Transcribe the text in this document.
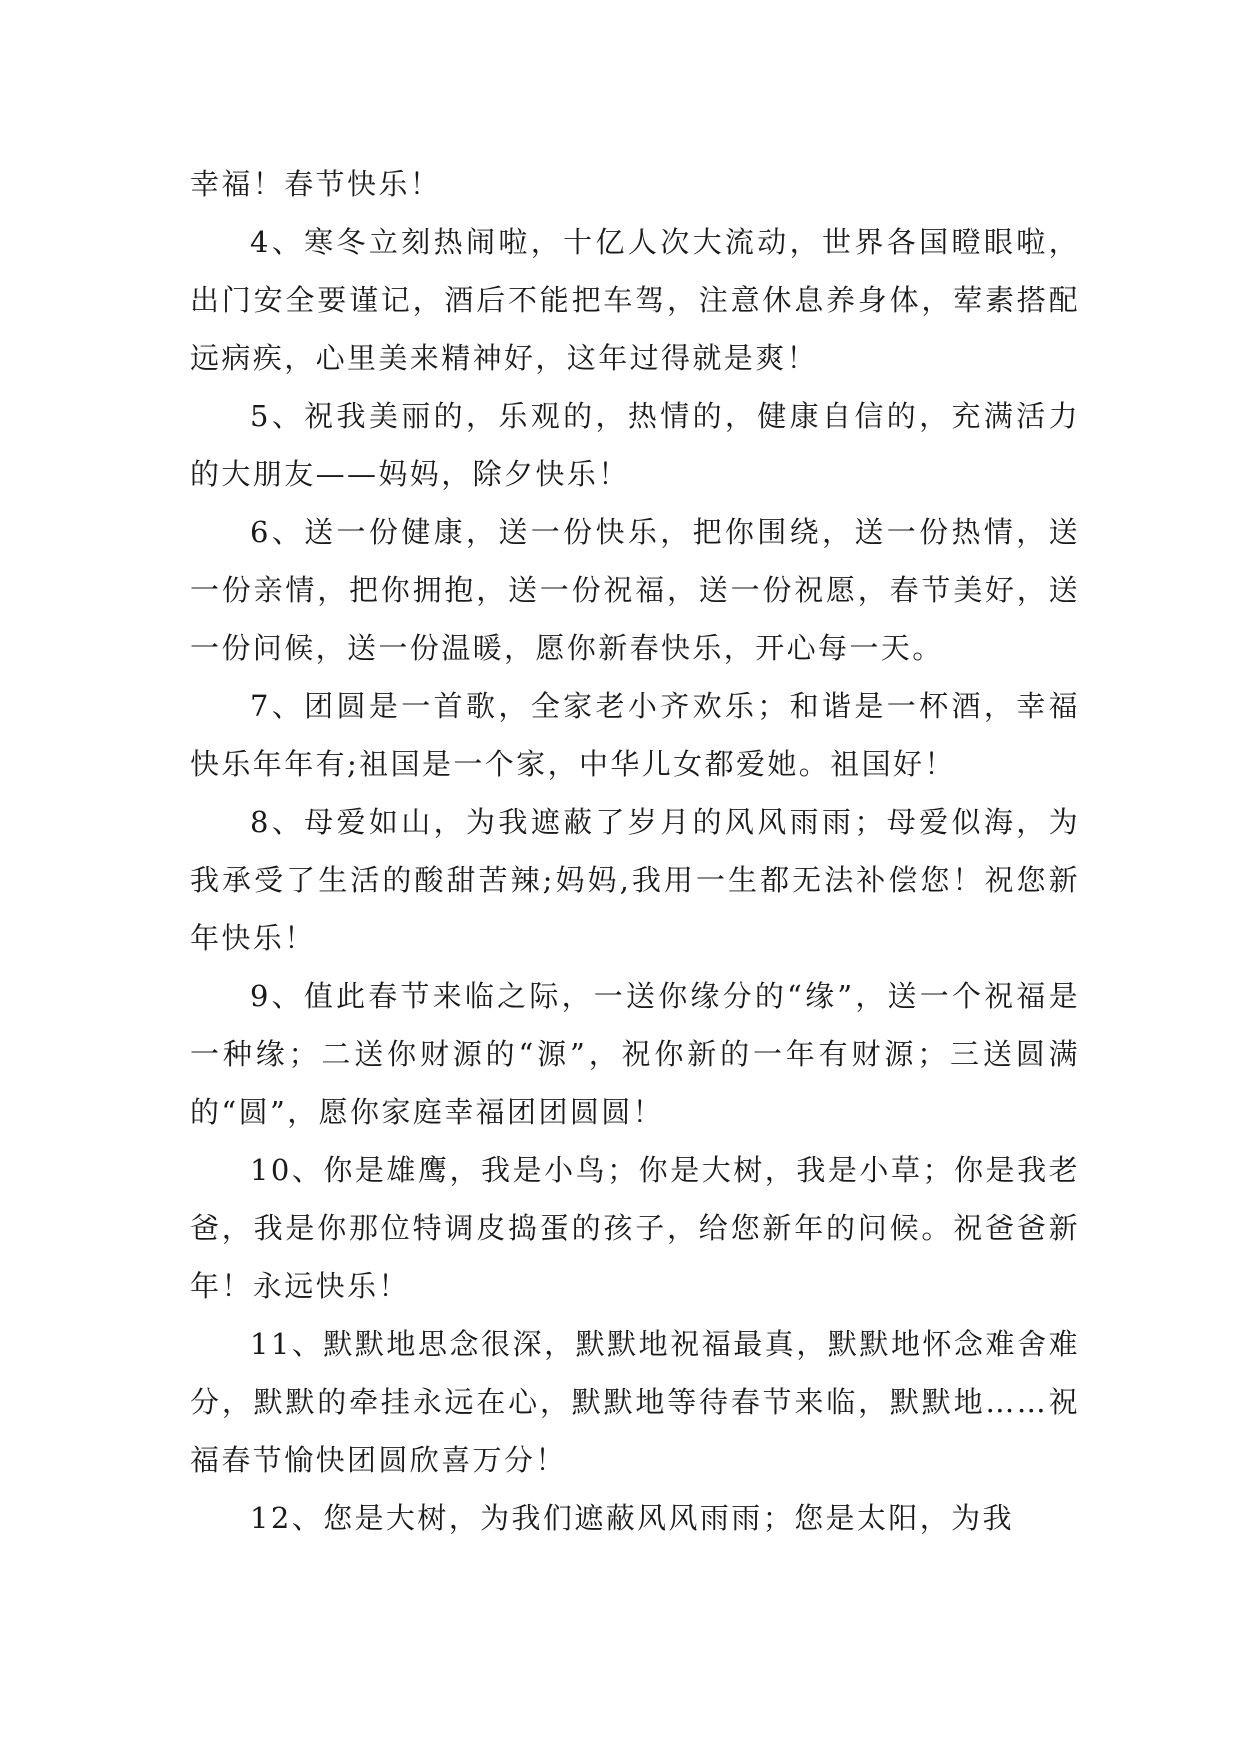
幸福！春节快乐！

4、寒冬立刻热闹啦，十亿人次大流动，世界各国瞪眼啦，出门安全要谨记，酒后不能把车驾，注意休息养身体，荤素搭配远病疾，心里美来精神好，这年过得就是爽！

5、祝我美丽的，乐观的，热情的，健康自信的，充满活力的大朋友——妈妈，除夕快乐！

6、送一份健康，送一份快乐，把你围绕，送一份热情，送一份亲情，把你拥抱，送一份祝福，送一份祝愿，春节美好，送一份问候，送一份温暖，愿你新春快乐，开心每一天。

7、团圆是一首歌，全家老小齐欢乐；和谐是一杯酒，幸福快乐年年有;祖国是一个家，中华儿女都爱她。祖国好！

8、母爱如山，为我遮蔽了岁月的风风雨雨；母爱似海，为我承受了生活的酸甜苦辣;妈妈,我用一生都无法补偿您！祝您新年快乐！

9、值此春节来临之际，一送你缘分的“缘”，送一个祝福是一种缘；二送你财源的“源”，祝你新的一年有财源；三送圆满的“圆”，愿你家庭幸福团团圆圆！

10、你是雄鹰，我是小鸟；你是大树，我是小草；你是我老爸，我是你那位特调皮捣蛋的孩子，给您新年的问候。祝爸爸新年！永远快乐！

11、默默地思念很深，默默地祝福最真，默默地怀念难舍难分，默默的牵挂永远在心，默默地等待春节来临，默默地……祝福春节愉快团圆欣喜万分！

12、您是大树，为我们遮蔽风风雨雨；您是太阳，为我
